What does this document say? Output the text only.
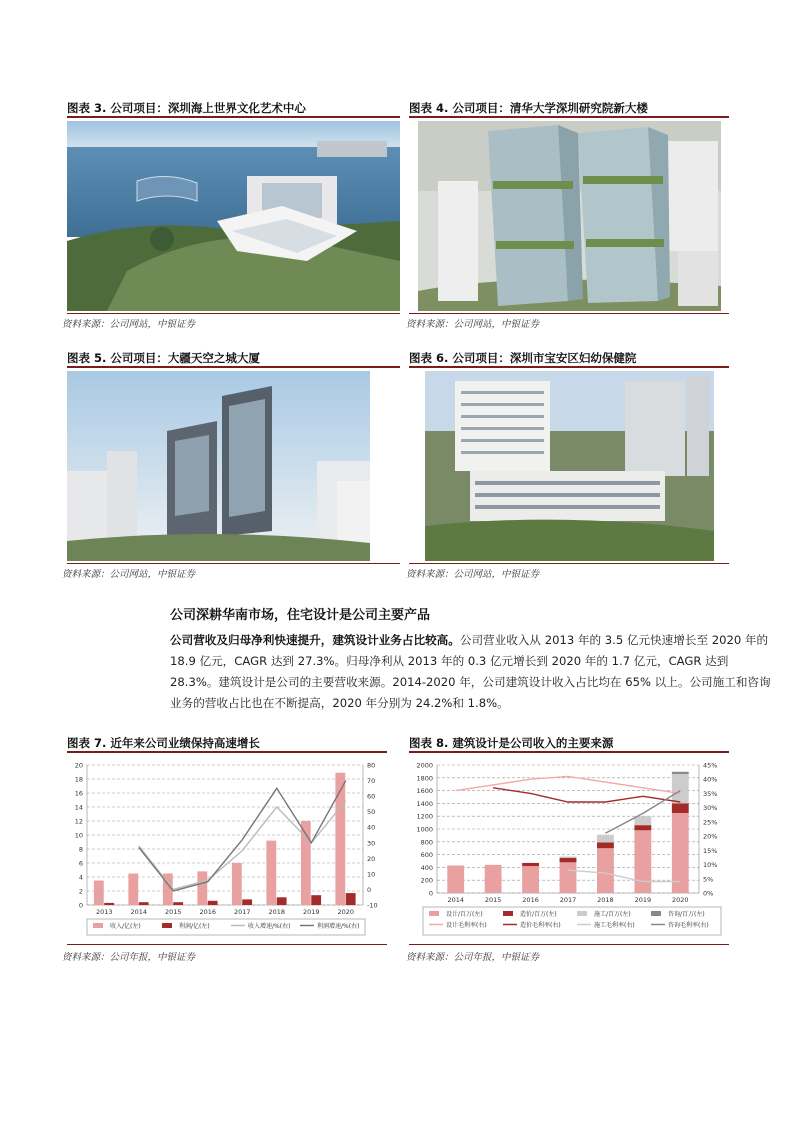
图表 3. 公司项目：深圳海上世界文化艺术中心
资料来源：公司网站，中银证券
图表 4. 公司项目：清华大学深圳研究院新大楼
资料来源：公司网站，中银证券
图表 5. 公司项目：大疆天空之城大厦
资料来源：公司网站，中银证券
图表 6. 公司项目：深圳市宝安区妇幼保健院
资料来源：公司网站，中银证券
公司深耕华南市场，住宅设计是公司主要产品
公司营收及归母净利快速提升，建筑设计业务占比较高。公司营业收入从 2013 年的 3.5 亿元快速增长至 2020 年的 18.9 亿元，CAGR 达到 27.3%。归母净利从 2013 年的 0.3 亿元增长到 2020 年的 1.7 亿元，CAGR 达到 28.3%。建筑设计是公司的主要营收来源。2014-2020 年，公司建筑设计收入占比均在 65% 以上。公司施工和咨询业务的营收占比也在不断提高，2020 年分别为 24.2%和 1.8%。
图表 7. 近年来公司业绩保持高速增长
0
2
4
6
8
10
12
14
16
18
20
-10
0
10
20
30
40
50
60
70
80
2013	2014	2015	2016	2017	2018	2019	2020
收入/亿(左)	利润/亿(左)	收入增速/%(右)	利润增速/%(右)
资料来源：公司年报，中银证券
图表 8. 建筑设计是公司收入的主要来源
0
200
400
600
800
1000
1200
1400
1600
1800
2000
0%
5%
10%
15%
20%
25%
30%
35%
40%
45%
2014	2015	2016	2017	2018	2019	2020
设计/百万(左)	造价/百万(左)	施工/百万(左)	咨询/百万(左)
设计毛利率(右)	造价毛利率(右)	施工毛利率(右)	咨询毛利率(右)
资料来源：公司年报，中银证券
